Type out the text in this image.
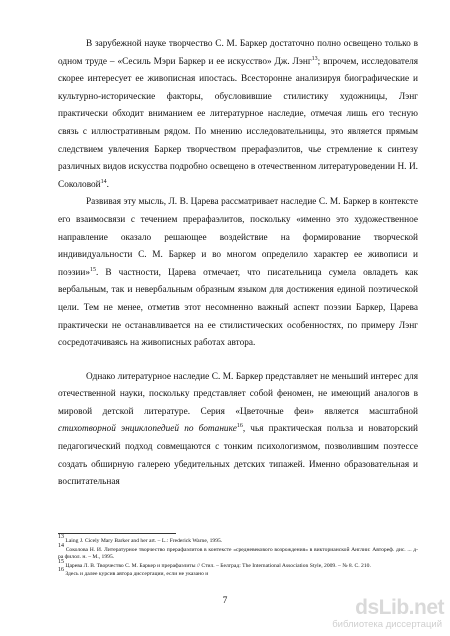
В зарубежной науке творчество С. М. Баркер достаточно полно освещено только в одном труде – «Сесиль Мэри Баркер и ее искусство» Дж. Лэнг$^{13}$; впрочем, исследователя скорее интересует ее живописная ипостась. Всесторонне анализируя биографические и культурно-исторические факторы, обусловившие стилистику художницы, Лэнг практически обходит вниманием ее литературное наследие, отмечая лишь его тесную связь с иллюстративным рядом. По мнению исследовательницы, это является прямым следствием увлечения Баркер творчеством прерафаэлитов, чье стремление к синтезу различных видов искусства подробно освещено в отечественном литературоведении Н. И. Соколовой$^{14}$.

Развивая эту мысль, Л. В. Царева рассматривает наследие С. М. Баркер в контексте его взаимосвязи с течением прерафаэлитов, поскольку «именно это художественное направление оказало решающее воздействие на формирование творческой индивидуальности С. М. Баркер и во многом определило характер ее живописи и поэзии»$^{15}$. В частности, Царева отмечает, что писательница сумела овладеть как вербальным, так и невербальным образным языком для достижения единой поэтической цели. Тем не менее, отметив этот несомненно важный аспект поэзии Баркер, Царева практически не останавливается на ее стилистических особенностях, по примеру Лэнг сосредотачиваясь на живописных работах автора.

Однако литературное наследие С. М. Баркер представляет не меньший интерес для отечественной науки, поскольку представляет собой феномен, не имеющий аналогов в мировой детской литературе. Серия «Цветочные феи» является масштабной стихотворной энциклопедией по ботанике$^{16}$, чья практическая польза и новаторский педагогический подход совмещаются с тонким психологизмом, позволившим поэтессе создать обширную галерею убедительных детских типажей. Именно образовательная и воспитательная

$^{13}$ Laing J. Cicely Mary Barker and her art. – L.: Frederick Warne, 1995.

$^{14}$ Соколова Н. И. Литературное творчество прерафаэлитов в контексте «средневекового возрождения» в викторианской Англии: Автореф. дис. ... д-ра филол. н. – М., 1995.

$^{15}$ Царева Л. В. Творчество С. М. Баркер и прерафаэлиты // Стил. – Белград: The International Association Style, 2009. – № 8. С. 210.

$^{16}$ Здесь и далее курсив автора диссертации, если не указано и

7	dsLib.net
библиотека диссертаций
